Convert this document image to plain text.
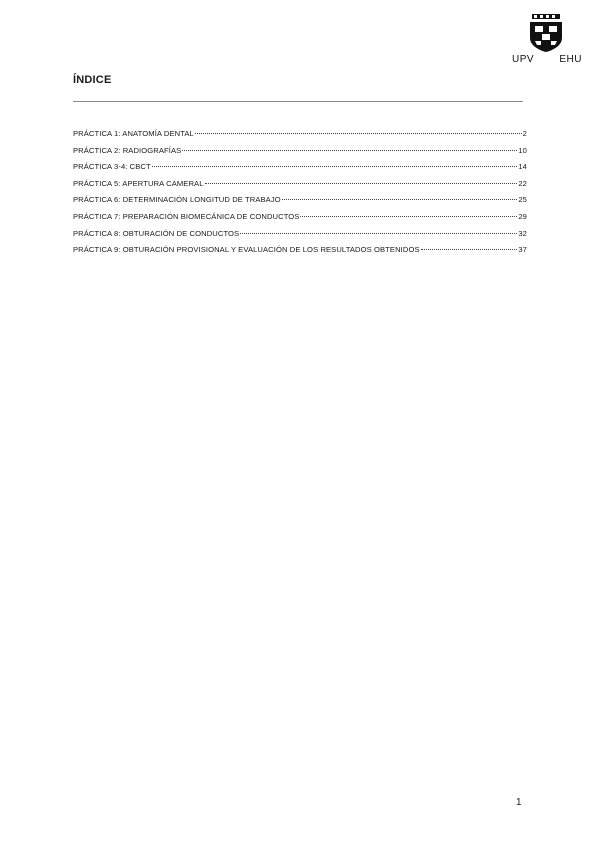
UPV	EHU
ÍNDICE
PRÁCTICA 1: ANATOMÍA DENTAL	2
PRÁCTICA 2: RADIOGRAFÍAS	10
PRÁCTICA 3-4: CBCT	14
PRÁCTICA 5: APERTURA CAMERAL	22
PRÁCTICA 6: DETERMINACIÓN LONGITUD DE TRABAJO	25
PRÁCTICA 7: PREPARACIÓN BIOMECÁNICA DE CONDUCTOS	29
PRÁCTICA 8: OBTURACIÓN DE CONDUCTOS	32
PRÁCTICA 9: OBTURACIÓN PROVISIONAL Y EVALUACIÓN DE LOS RESULTADOS OBTENIDOS	37
1
